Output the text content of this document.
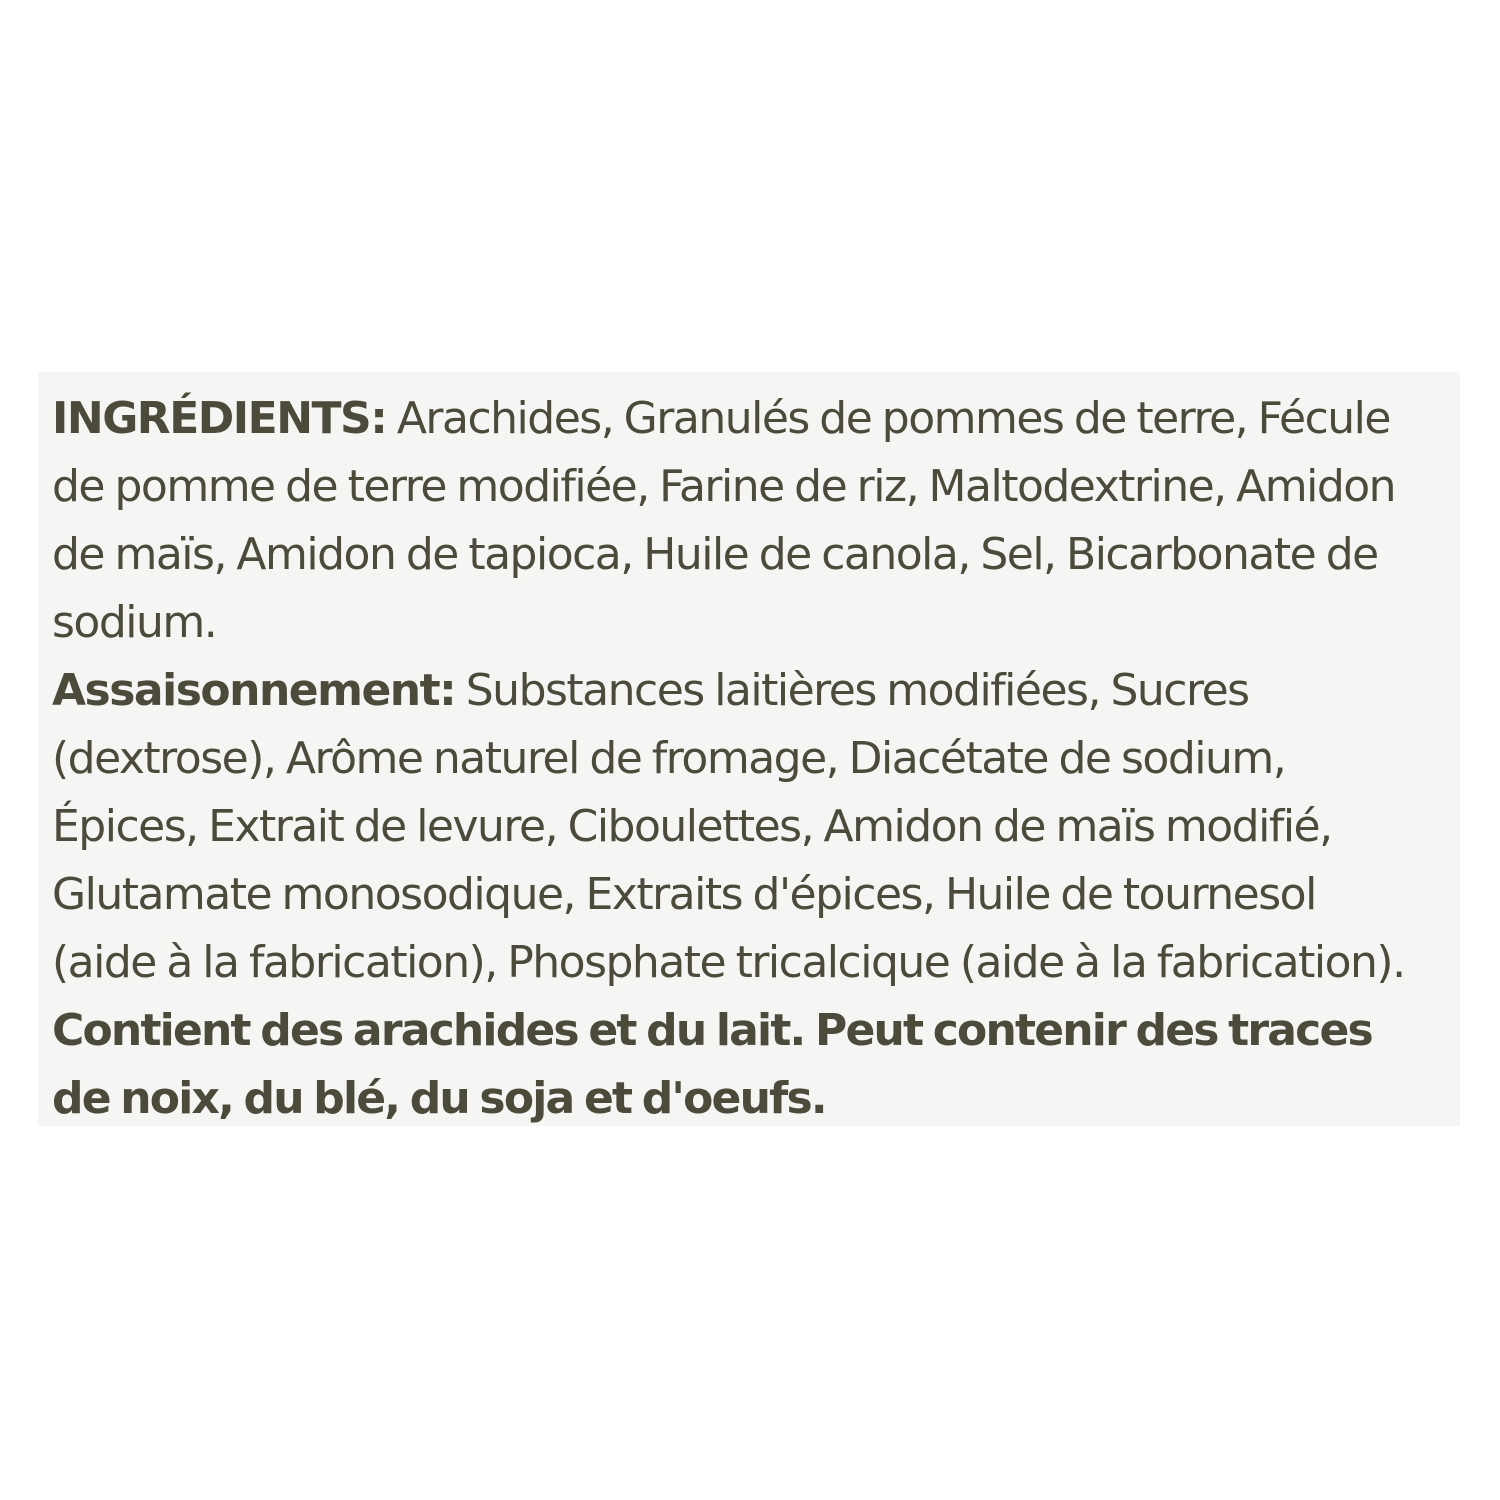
INGRÉDIENTS: Arachides, Granulés de pommes de terre, Fécule
de pomme de terre modifiée, Farine de riz, Maltodextrine, Amidon
de maïs, Amidon de tapioca, Huile de canola, Sel, Bicarbonate de
sodium.
Assaisonnement: Substances laitières modifiées, Sucres
(dextrose), Arôme naturel de fromage, Diacétate de sodium,
Épices, Extrait de levure, Ciboulettes, Amidon de maïs modifié,
Glutamate monosodique, Extraits d'épices, Huile de tournesol
(aide à la fabrication), Phosphate tricalcique (aide à la fabrication).
Contient des arachides et du lait. Peut contenir des traces
de noix, du blé, du soja et d'oeufs.
